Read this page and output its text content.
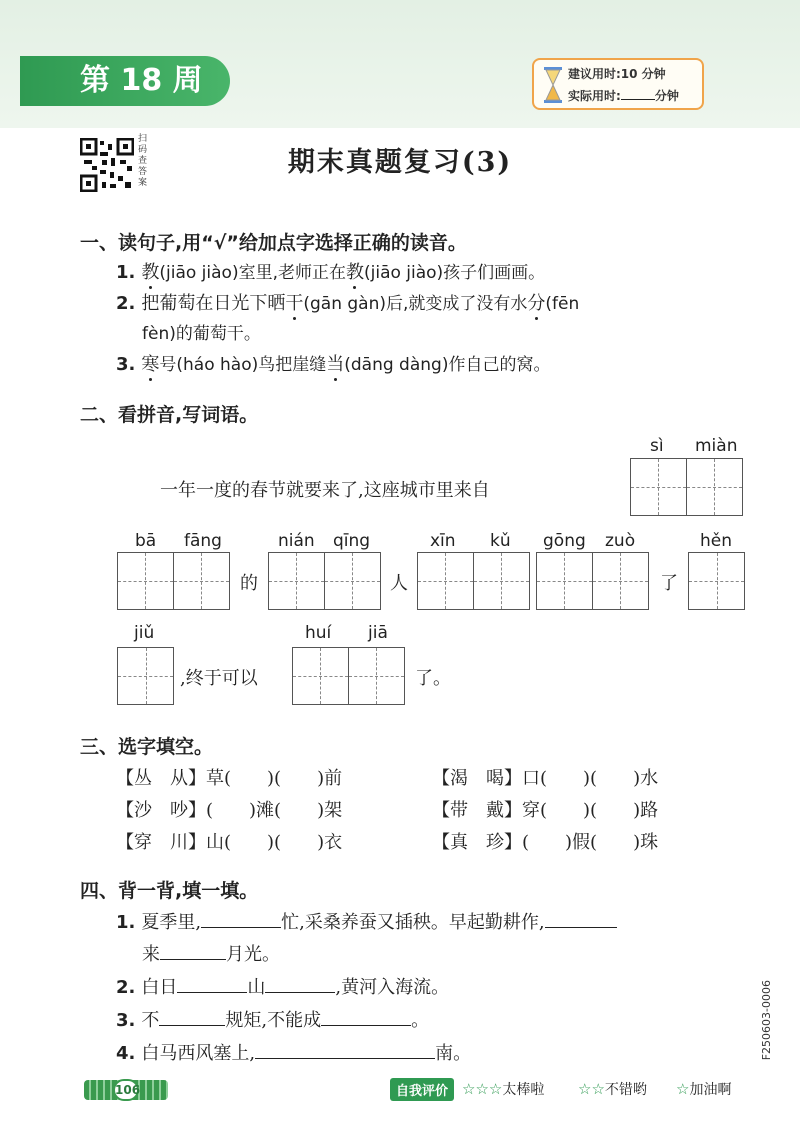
第 18 周	建议用时:10 分钟
实际用时:	分钟
扫码查答案
期末真题复习(3)
一、读句子,用“√”给加点字选择正确的读音。
1. 教(jiāo jiào)室里,老师正在教(jiāo jiào)孩子们画画。
2. 把葡萄在日光下晒干(gān gàn)后,就变成了没有水分(fēn
fèn)的葡萄干。
3. 寒号(háo hào)鸟把崖缝当(dāng dàng)作自己的窝。
二、看拼音,写词语。
sì miàn
一年一度的春节就要来了,这座城市里来自
bā fāng
的
nián qīng
人
xīn kǔ gōng zuò
了
hěn
jiǔ
,终于可以
huí jiā
了。
三、选字填空。
【丛　从】草(　　)(　　)前	【渴　喝】口(　　)(　　)水
【沙　吵】(　　)滩(　　)架	【带　戴】穿(　　)(　　)路
【穿　川】山(　　)(　　)衣	【真　珍】(　　)假(　　)珠
四、背一背,填一填。
1. 夏季里,	忙,采桑养蚕又插秧。早起勤耕作,
来	月光。
2. 白日	山	,黄河入海流。
3. 不	规矩,不能成	。
4. 白马西风塞上,	南。	F250603-0006
106	自我评价 ☆☆☆太棒啦 ☆☆不错哟 ☆加油啊
